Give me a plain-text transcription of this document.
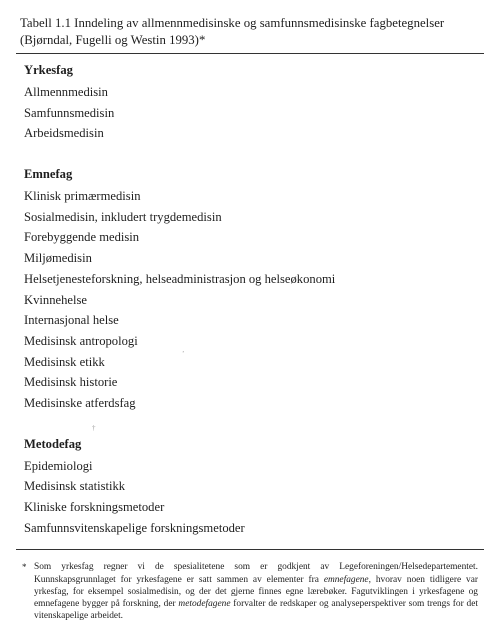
Tabell 1.1 Inndeling av allmennmedisinske og samfunnsmedisinske fagbetegnelser (Bjørndal, Fugelli og Westin 1993)*

Yrkesfag
Allmennmedisin
Samfunnsmedisin
Arbeidsmedisin
Emnefag
Klinisk primærmedisin
Sosialmedisin, inkludert trygdemedisin
Forebyggende medisin
Miljømedisin
Helsetjenesteforskning, helseadministrasjon og helseøkonomi
Kvinnehelse
Internasjonal helse
Medisinsk antropologi
Medisinsk etikk
Medisinsk historie
Medisinske atferdsfag
Metodefag
Epidemiologi
Medisinsk statistikk
Kliniske forskningsmetoder
Samfunnsvitenskapelige forskningsmetoder
* Som yrkesfag regner vi de spesialitetene som er godkjent av Legeforeningen/Helsedepartementet. Kunnskapsgrunnlaget for yrkesfagene er satt sammen av elementer fra emnefagene, hvorav noen tidligere var yrkesfag, for eksempel sosialmedisin, og der det gjerne finnes egne lærebøker. Fagutviklingen i yrkesfagene og emnefagene bygger på forskning, der metodefagene forvalter de redskaper og analyseperspektiver som trengs for det vitenskapelige arbeidet.
’
†
